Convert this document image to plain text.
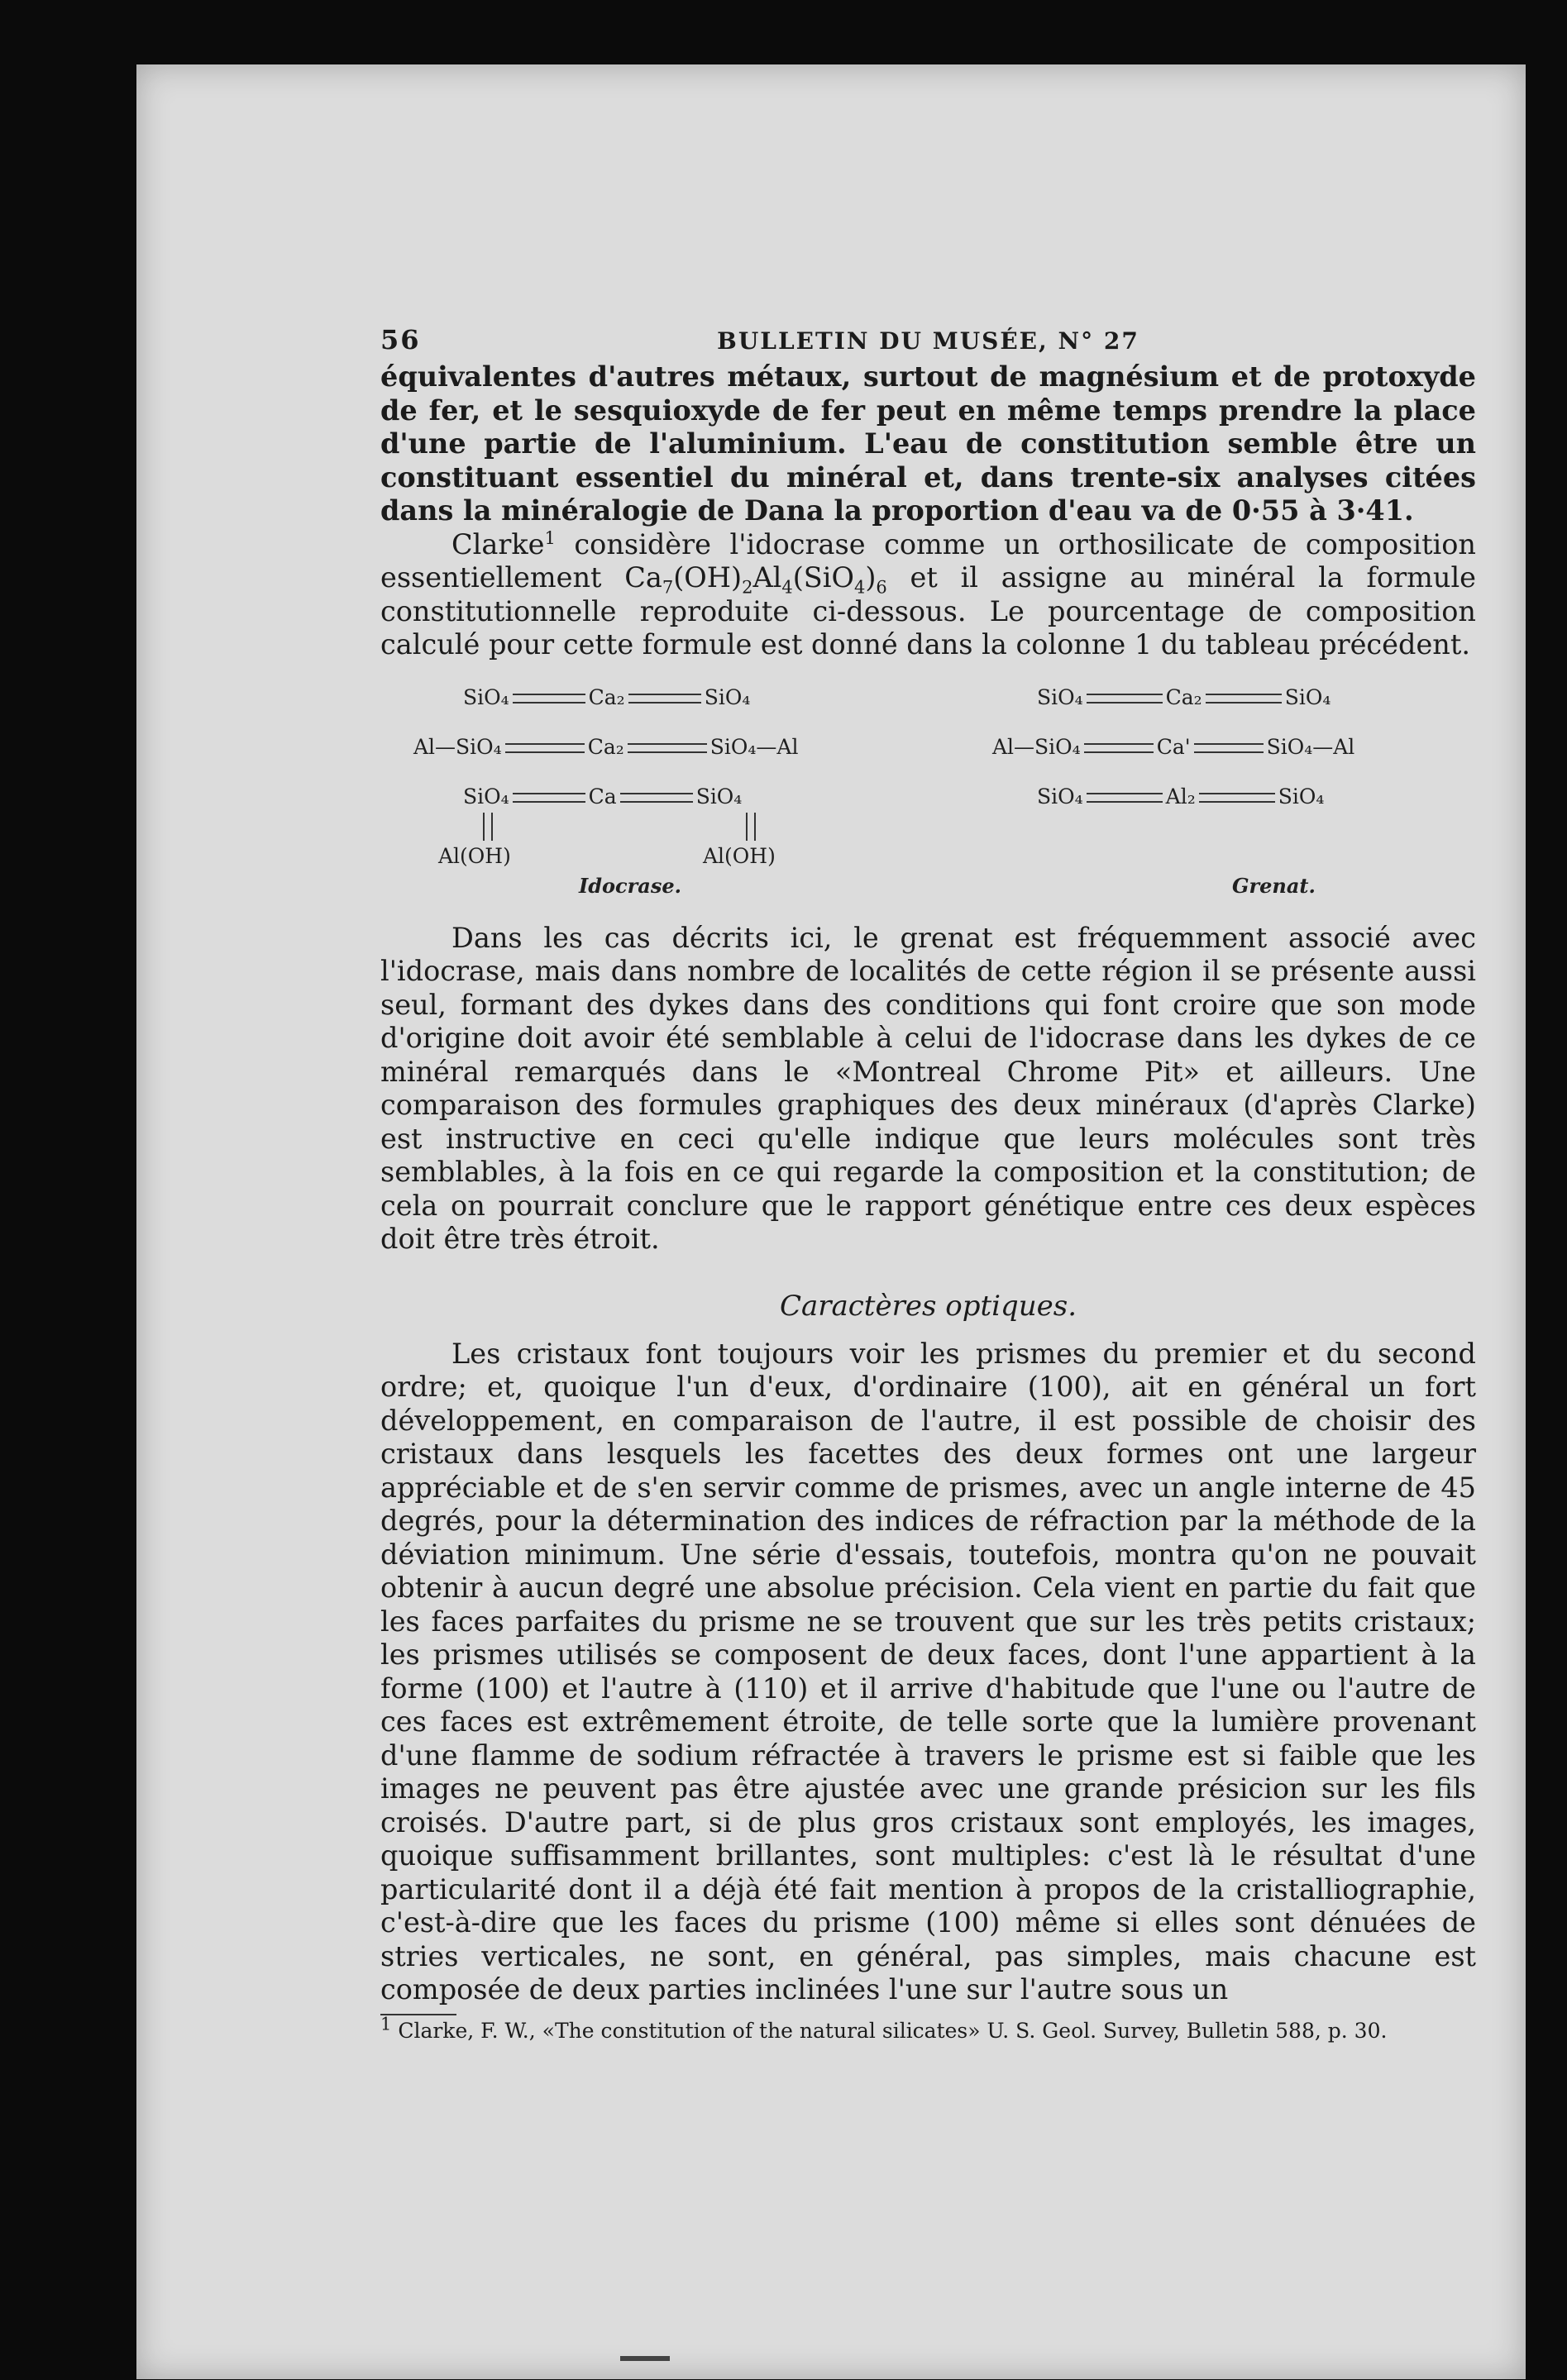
56	BULLETIN DU MUSÉE, N° 27

équivalentes d'autres métaux, surtout de magnésium et de protoxyde de fer, et le sesquioxyde de fer peut en même temps prendre la place d'une partie de l'aluminium. L'eau de constitution semble être un constituant essentiel du minéral et, dans trente-six analyses citées dans la minéralogie de Dana la proportion d'eau va de 0·55 à 3·41.

Clarke$^1$ considère l'idocrase comme un orthosilicate de composition essentiellement $Ca_7(OH)_2Al_4(SiO_4)_6$ et il assigne au minéral la formule constitutionnelle reproduite ci-dessous. Le pourcentage de composition calculé pour cette formule est donné dans la colonne 1 du tableau précédent.

SiO₄	Ca₂	SiO₄
Al—SiO₄	Ca₂	SiO₄—Al
SiO₄	Ca	SiO₄
Al(OH)	Al(OH)
Idocrase.
SiO₄	Ca₂	SiO₄
Al—SiO₄	Ca'	SiO₄—Al
SiO₄	Al₂	SiO₄
Grenat.

Dans les cas décrits ici, le grenat est fréquemment associé avec l'idocrase, mais dans nombre de localités de cette région il se présente aussi seul, formant des dykes dans des conditions qui font croire que son mode d'origine doit avoir été semblable à celui de l'idocrase dans les dykes de ce minéral remarqués dans le «Montreal Chrome Pit» et ailleurs. Une comparaison des formules graphiques des deux minéraux (d'après Clarke) est instructive en ceci qu'elle indique que leurs molécules sont très semblables, à la fois en ce qui regarde la composition et la constitution; de cela on pourrait conclure que le rapport génétique entre ces deux espèces doit être très étroit.

Caractères optiques.

Les cristaux font toujours voir les prismes du premier et du second ordre; et, quoique l'un d'eux, d'ordinaire (100), ait en général un fort développement, en comparaison de l'autre, il est possible de choisir des cristaux dans lesquels les facettes des deux formes ont une largeur appréciable et de s'en servir comme de prismes, avec un angle interne de 45 degrés, pour la détermination des indices de réfraction par la méthode de la déviation minimum. Une série d'essais, toutefois, montra qu'on ne pouvait obtenir à aucun degré une absolue précision. Cela vient en partie du fait que les faces parfaites du prisme ne se trouvent que sur les très petits cristaux; les prismes utilisés se composent de deux faces, dont l'une appartient à la forme (100) et l'autre à (110) et il arrive d'habitude que l'une ou l'autre de ces faces est extrêmement étroite, de telle sorte que la lumière provenant d'une flamme de sodium réfractée à travers le prisme est si faible que les images ne peuvent pas être ajustée avec une grande présicion sur les fils croisés. D'autre part, si de plus gros cristaux sont employés, les images, quoique suffisamment brillantes, sont multiples: c'est là le résultat d'une particularité dont il a déjà été fait mention à propos de la cristalliographie, c'est-à-dire que les faces du prisme (100) même si elles sont dénuées de stries verticales, ne sont, en général, pas simples, mais chacune est composée de deux parties inclinées l'une sur l'autre sous un

$^1$ Clarke, F. W., «The constitution of the natural silicates» U. S. Geol. Survey, Bulletin 588, p. 30.
